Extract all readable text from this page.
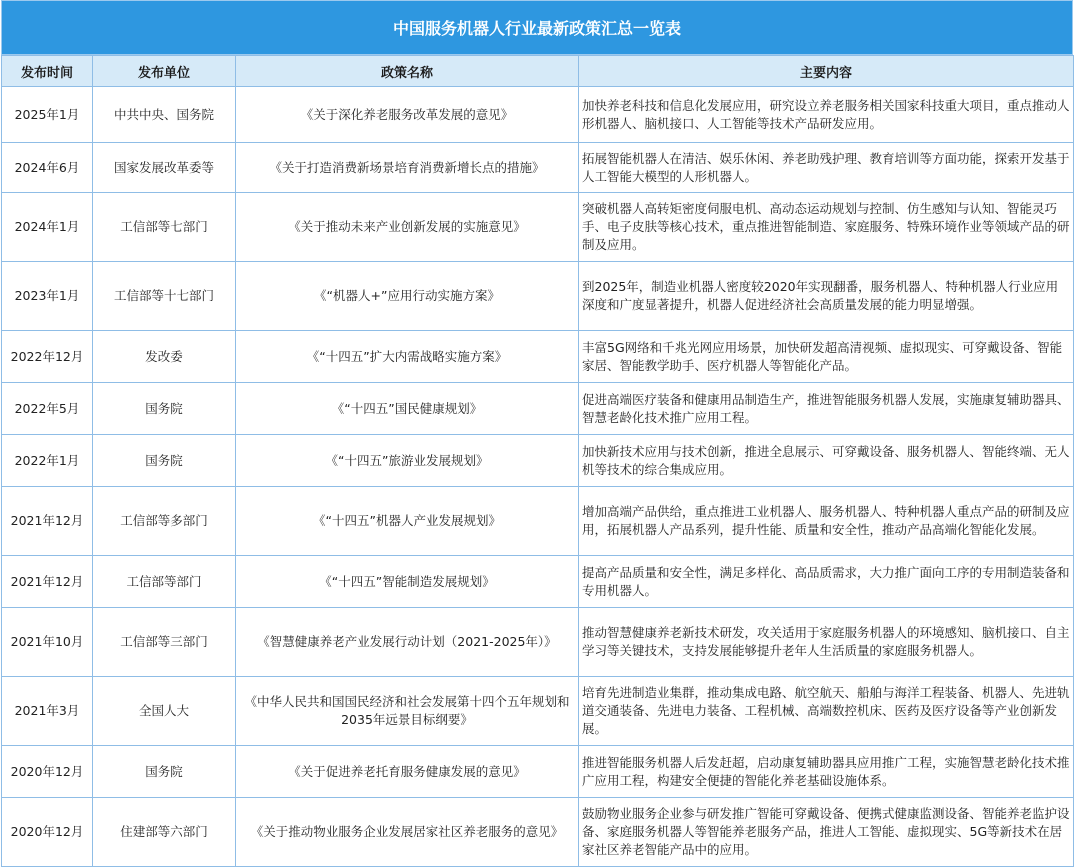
中国服务机器人行业最新政策汇总一览表
发布时间	发布单位	政策名称	主要内容
2025年1月	中共中央、国务院	《关于深化养老服务改革发展的意见》	加快养老科技和信息化发展应用，研究设立养老服务相关国家科技重大项目，重点推动人形机器人、脑机接口、人工智能等技术产品研发应用。
2024年6月	国家发展改革委等	《关于打造消费新场景培育消费新增长点的措施》	拓展智能机器人在清洁、娱乐休闲、养老助残护理、教育培训等方面功能，探索开发基于人工智能大模型的人形机器人。
2024年1月	工信部等七部门	《关于推动未来产业创新发展的实施意见》	突破机器人高转矩密度伺服电机、高动态运动规划与控制、仿生感知与认知、智能灵巧手、电子皮肤等核心技术，重点推进智能制造、家庭服务、特殊环境作业等领域产品的研制及应用。
2023年1月	工信部等十七部门	《“机器人+”应用行动实施方案》	到2025年，制造业机器人密度较2020年实现翻番，服务机器人、特种机器人行业应用深度和广度显著提升，机器人促进经济社会高质量发展的能力明显增强。
2022年12月	发改委	《“十四五”扩大内需战略实施方案》	丰富5G网络和千兆光网应用场景，加快研发超高清视频、虚拟现实、可穿戴设备、智能家居、智能教学助手、医疗机器人等智能化产品。
2022年5月	国务院	《“十四五”国民健康规划》	促进高端医疗装备和健康用品制造生产，推进智能服务机器人发展，实施康复辅助器具、智慧老龄化技术推广应用工程。
2022年1月	国务院	《“十四五”旅游业发展规划》	加快新技术应用与技术创新，推进全息展示、可穿戴设备、服务机器人、智能终端、无人机等技术的综合集成应用。
2021年12月	工信部等多部门	《“十四五”机器人产业发展规划》	增加高端产品供给，重点推进工业机器人、服务机器人、特种机器人重点产品的研制及应用，拓展机器人产品系列，提升性能、质量和安全性，推动产品高端化智能化发展。
2021年12月	工信部等部门	《“十四五”智能制造发展规划》	提高产品质量和安全性，满足多样化、高品质需求，大力推广面向工序的专用制造装备和专用机器人。
2021年10月	工信部等三部门	《智慧健康养老产业发展行动计划（2021-2025年）》	推动智慧健康养老新技术研发，攻关适用于家庭服务机器人的环境感知、脑机接口、自主学习等关键技术，支持发展能够提升老年人生活质量的家庭服务机器人。
2021年3月	全国人大	《中华人民共和国国民经济和社会发展第十四个五年规划和2035年远景目标纲要》	培育先进制造业集群，推动集成电路、航空航天、船舶与海洋工程装备、机器人、先进轨道交通装备、先进电力装备、工程机械、高端数控机床、医药及医疗设备等产业创新发展。
2020年12月	国务院	《关于促进养老托育服务健康发展的意见》	推进智能服务机器人后发赶超，启动康复辅助器具应用推广工程，实施智慧老龄化技术推广应用工程，构建安全便捷的智能化养老基础设施体系。
2020年12月	住建部等六部门	《关于推动物业服务企业发展居家社区养老服务的意见》	鼓励物业服务企业参与研发推广智能可穿戴设备、便携式健康监测设备、智能养老监护设备、家庭服务机器人等智能养老服务产品，推进人工智能、虚拟现实、5G等新技术在居家社区养老智能产品中的应用。
